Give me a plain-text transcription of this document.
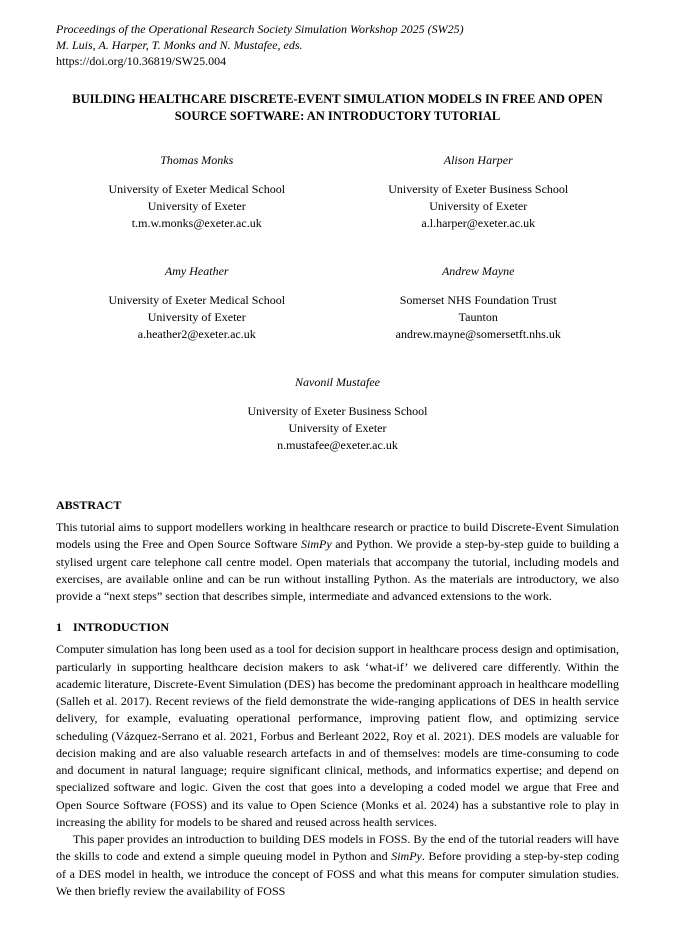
Proceedings of the Operational Research Society Simulation Workshop 2025 (SW25)
M. Luis, A. Harper, T. Monks and N. Mustafee, eds.
https://doi.org/10.36819/SW25.004
BUILDING HEALTHCARE DISCRETE-EVENT SIMULATION MODELS IN FREE AND OPEN SOURCE SOFTWARE: AN INTRODUCTORY TUTORIAL
Thomas Monks
University of Exeter Medical School
University of Exeter
t.m.w.monks@exeter.ac.uk
Alison Harper
University of Exeter Business School
University of Exeter
a.l.harper@exeter.ac.uk
Amy Heather
University of Exeter Medical School
University of Exeter
a.heather2@exeter.ac.uk
Andrew Mayne
Somerset NHS Foundation Trust
Taunton
andrew.mayne@somersetft.nhs.uk
Navonil Mustafee
University of Exeter Business School
University of Exeter
n.mustafee@exeter.ac.uk
ABSTRACT

This tutorial aims to support modellers working in healthcare research or practice to build Discrete-Event Simulation models using the Free and Open Source Software SimPy and Python. We provide a step-by-step guide to building a stylised urgent care telephone call centre model. Open materials that accompany the tutorial, including models and exercises, are available online and can be run without installing Python. As the materials are introductory, we also provide a “next steps” section that describes simple, intermediate and advanced extensions to the work.

1 INTRODUCTION

Computer simulation has long been used as a tool for decision support in healthcare process design and optimisation, particularly in supporting healthcare decision makers to ask ‘what-if’ we delivered care differently. Within the academic literature, Discrete-Event Simulation (DES) has become the predominant approach in healthcare modelling (Salleh et al. 2017). Recent reviews of the field demonstrate the wide-ranging applications of DES in health service delivery, for example, evaluating operational performance, improving patient flow, and optimizing service scheduling (Vázquez-Serrano et al. 2021, Forbus and Berleant 2022, Roy et al. 2021). DES models are valuable for decision making and are also valuable research artefacts in and of themselves: models are time-consuming to code and document in natural language; require significant clinical, methods, and informatics expertise; and depend on specialized software and logic. Given the cost that goes into a developing a coded model we argue that Free and Open Source Software (FOSS) and its value to Open Science (Monks et al. 2024) has a substantive role to play in increasing the ability for models to be shared and reused across health services.

This paper provides an introduction to building DES models in FOSS. By the end of the tutorial readers will have the skills to code and extend a simple queuing model in Python and SimPy. Before providing a step-by-step coding of a DES model in health, we introduce the concept of FOSS and what this means for computer simulation studies. We then briefly review the availability of FOSS
